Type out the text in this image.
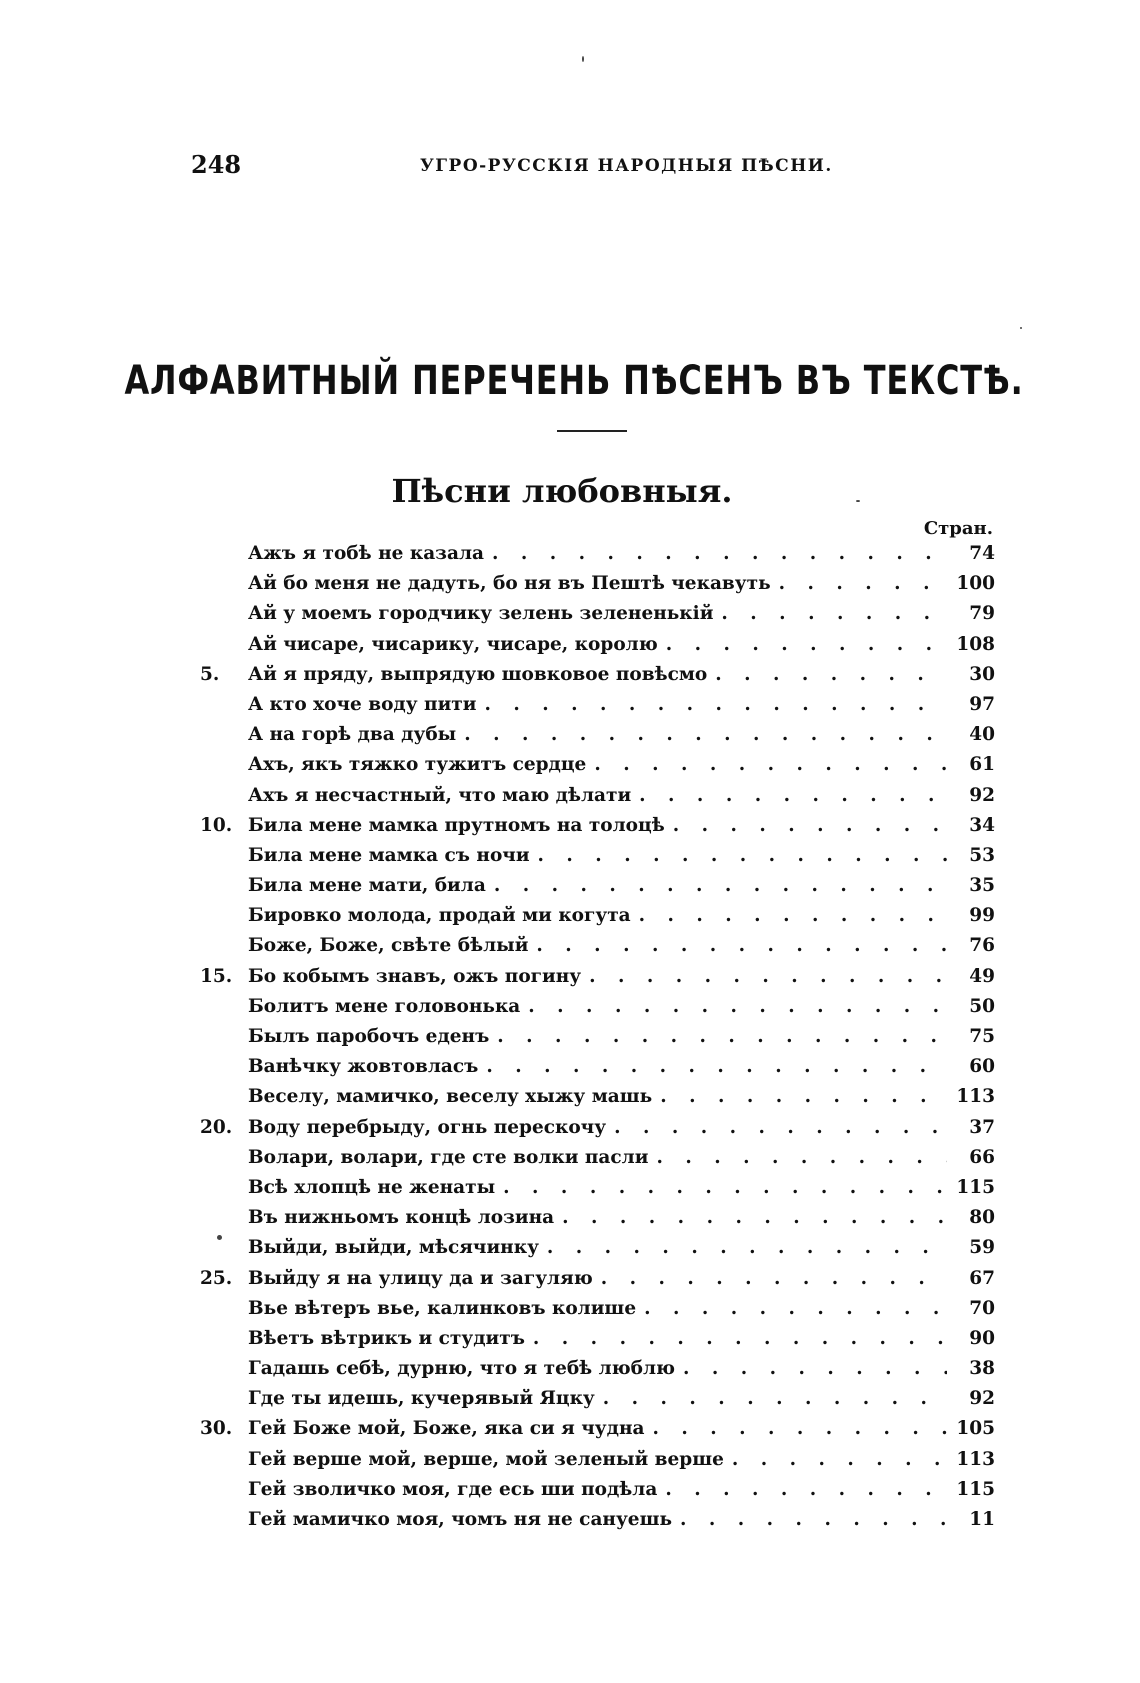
248	УГРО-РУССКІЯ НАРОДНЫЯ ПѢСНИ.
АЛФАВИТНЫЙ ПЕРЕЧЕНЬ ПѢСЕНЪ ВЪ ТЕКСТѢ.
Пѣсни любовныя.
Стран.
Ажъ я тобѣ не казала . . .	74
Ай бо меня не дадуть, бо ня въ Пештѣ чекавуть . . .	100
Ай у моемъ городчику зелень зелененькій . . .	79
Ай чисаре, чисарику, чисаре, королю . . .	108
5.	Ай я пряду, выпрядую шовковое повѣсмо . . .	30
А кто хоче воду пити . . .	97
А на горѣ два дубы . . .	40
Ахъ, якъ тяжко тужитъ сердце . . .	61
Ахъ я несчастный, что маю дѣлати . . .	92
10. Била мене мамка прутномъ на толоцѣ . . .	34
Била мене мамка съ ночи . . .	53
Била мене мати, била . . .	35
Бировко молода, продай ми когута . . .	99
Боже, Боже, свѣте бѣлый . . .	76
15. Бо кобымъ знавъ, ожъ погину . . .	49
Болитъ мене головонька . . .	50
Былъ паробочъ еденъ . . .	75
Ванѣчку жовтовласъ . . .	60
Веселу, мамичко, веселу хыжу машь . . .	113
20. Воду перебрыду, огнь перескочу . . .	37
Волари, волари, где сте волки пасли . . .	66
Всѣ хлопцѣ не женаты . . .	115
Въ нижньомъ концѣ лозина . . .	80
Выйди, выйди, мѣсячинку . . .	59
25. Выйду я на улицу да и загуляю . . .	67
Вье вѣтеръ вье, калинковъ колише . . .	70
Вѣетъ вѣтрикъ и студитъ . . .	90
Гадашь себѣ, дурню, что я тебѣ люблю . . .	38
Где ты идешь, кучерявый Яцку . . .	92
30. Гей Боже мой, Боже, яка си я чудна . . .	105
Гей верше мой, верше, мой зеленый верше . . .	113
Гей зволичко моя, где есь ши подѣла . . .	115
Гей мамичко моя, чомъ ня не сануешь . . .	11
